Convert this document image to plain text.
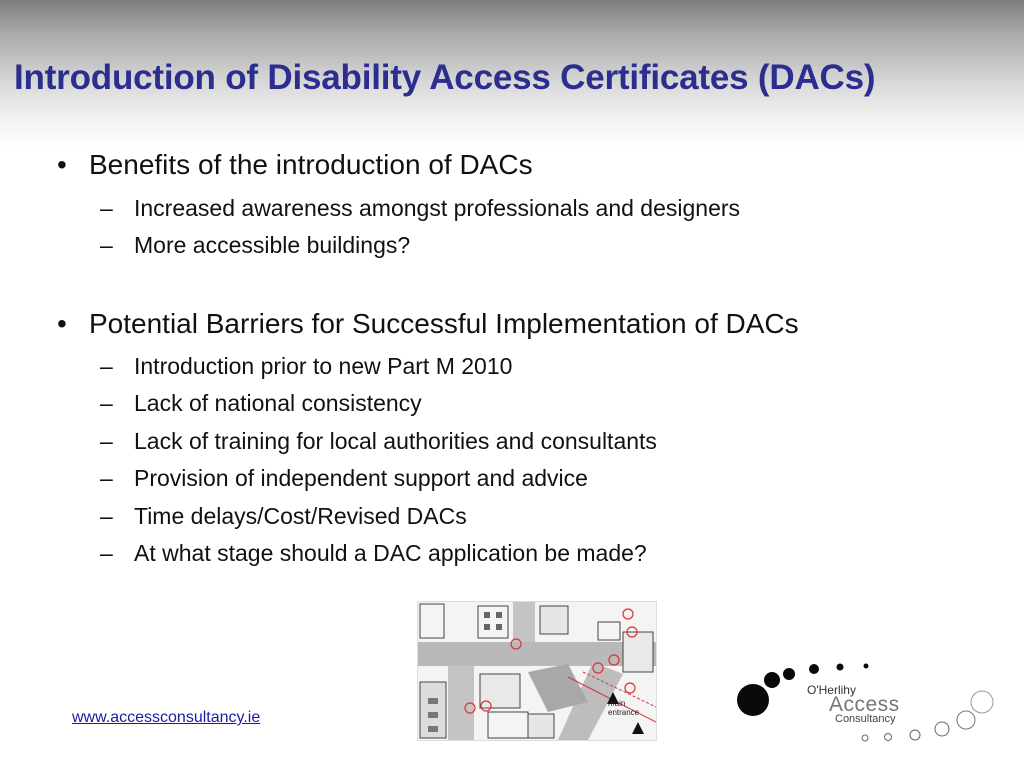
Introduction of Disability Access Certificates (DACs)
• Benefits of the introduction of DACs
– Increased awareness amongst professionals and designers
– More accessible buildings?
• Potential Barriers for Successful Implementation of DACs
– Introduction prior to new Part M 2010
– Lack of national consistency
– Lack of training for local authorities and consultants
– Provision of independent support and advice
– Time delays/Cost/Revised DACs
– At what stage should a DAC application be made?
main
entrance
O'Herlihy
Access
Consultancy
www.accessconsultancy.ie
